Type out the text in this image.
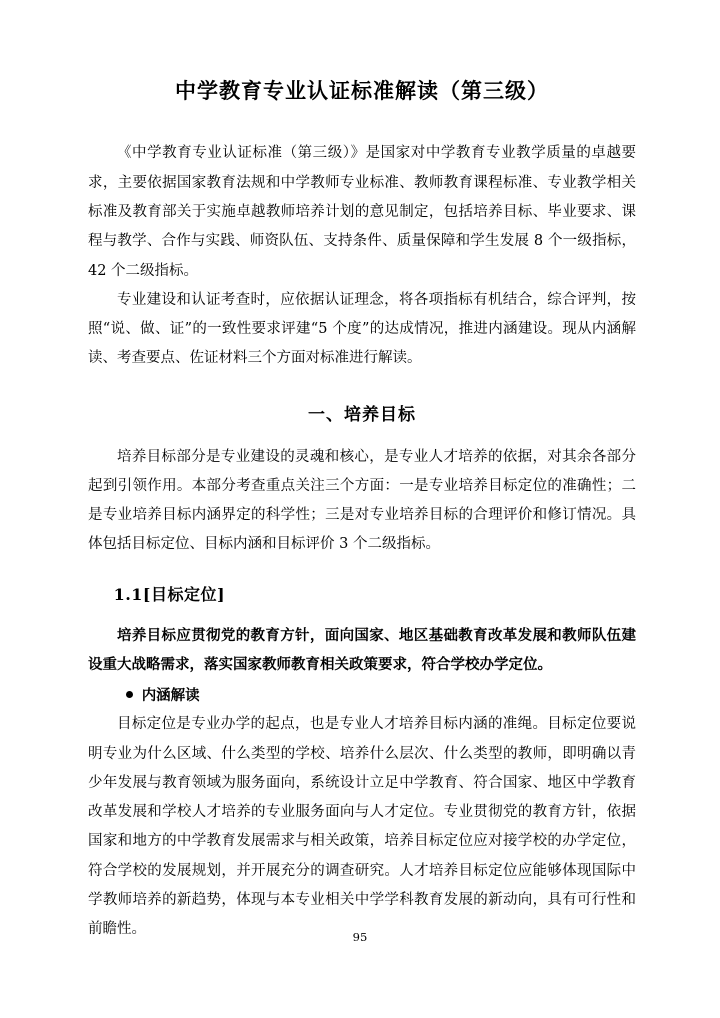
中学教育专业认证标准解读（第三级）

《中学教育专业认证标准（第三级）》是国家对中学教育专业教学质量的卓越要求，主要依据国家教育法规和中学教师专业标准、教师教育课程标准、专业教学相关标准及教育部关于实施卓越教师培养计划的意见制定，包括培养目标、毕业要求、课程与教学、合作与实践、师资队伍、支持条件、质量保障和学生发展 8 个一级指标，42 个二级指标。

专业建设和认证考查时，应依据认证理念，将各项指标有机结合，综合评判，按照“说、做、证”的一致性要求评建“5 个度”的达成情况，推进内涵建设。现从内涵解读、考查要点、佐证材料三个方面对标准进行解读。

一、培养目标

培养目标部分是专业建设的灵魂和核心，是专业人才培养的依据，对其余各部分起到引领作用。本部分考查重点关注三个方面：一是专业培养目标定位的准确性；二是专业培养目标内涵界定的科学性；三是对专业培养目标的合理评价和修订情况。具体包括目标定位、目标内涵和目标评价 3 个二级指标。

1.1[目标定位]

培养目标应贯彻党的教育方针，面向国家、地区基础教育改革发展和教师队伍建设重大战略需求，落实国家教师教育相关政策要求，符合学校办学定位。

内涵解读

目标定位是专业办学的起点，也是专业人才培养目标内涵的准绳。目标定位要说明专业为什么区域、什么类型的学校、培养什么层次、什么类型的教师，即明确以青少年发展与教育领域为服务面向，系统设计立足中学教育、符合国家、地区中学教育改革发展和学校人才培养的专业服务面向与人才定位。专业贯彻党的教育方针，依据国家和地方的中学教育发展需求与相关政策，培养目标定位应对接学校的办学定位，符合学校的发展规划，并开展充分的调查研究。人才培养目标定位应能够体现国际中学教师培养的新趋势，体现与本专业相关中学学科教育发展的新动向，具有可行性和前瞻性。	95
